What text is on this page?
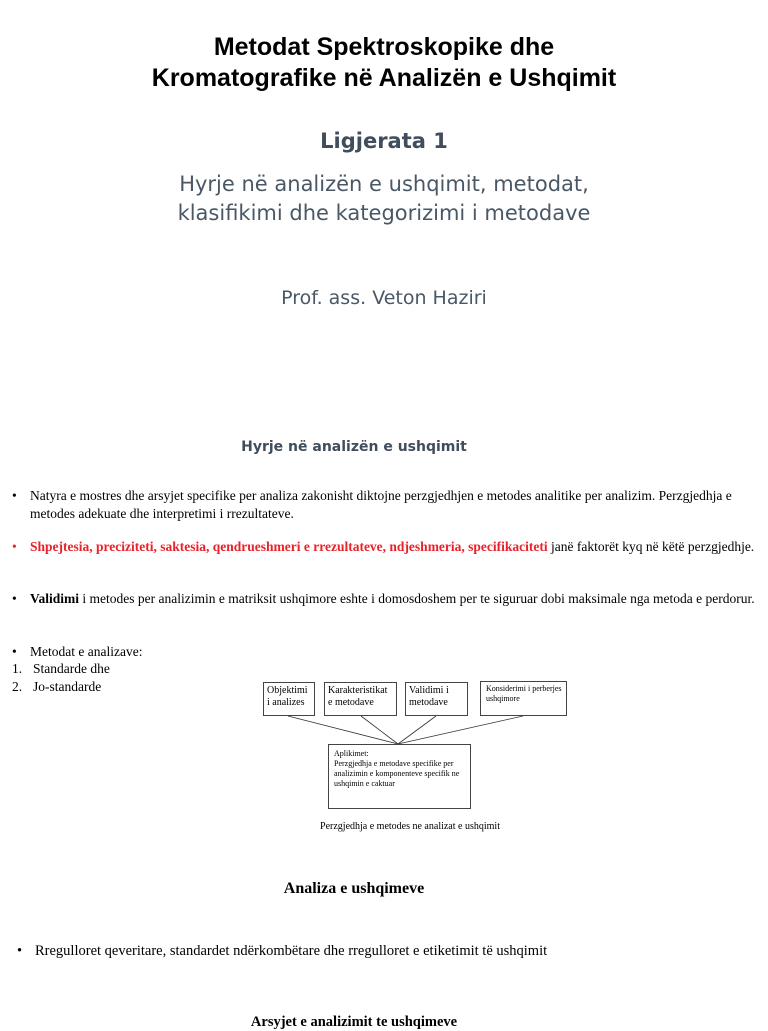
Metodat Spektroskopike dhe
Kromatografike në Analizën e Ushqimit
Ligjerata 1
Hyrje në analizën e ushqimit, metodat,
klasifikimi dhe kategorizimi i metodave
Prof. ass. Veton Haziri
Hyrje në analizën e ushqimit
• Natyra e mostres dhe arsyjet specifike per analiza zakonisht diktojne perzgjedhjen e metodes analitike per analizim. Perzgjedhja e metodes adekuate dhe interpretimi i rrezultateve.
• Shpejtesia, preciziteti, saktesia, qendrueshmeri e rrezultateve, ndjeshmeria, specifikaciteti janë faktorët kyq në këtë perzgjedhje.
• Validimi i metodes per analizimin e matriksit ushqimore eshte i domosdoshem per te siguruar dobi maksimale nga metoda e perdorur.
• Metodat e analizave:
1. Standarde dhe
2. Jo-standarde	Objektimi i analizes
Karakteristikat e metodave
Validimi i metodave
Konsiderimi i perberjes ushqimore
Aplikimet:
Perzgjedhja e metodave specifike per analizimin e komponenteve specifik ne ushqimin e caktuar
Perzgjedhja e metodes ne analizat e ushqimit
Analiza e ushqimeve
• Rregulloret qeveritare, standardet ndërkombëtare dhe rregulloret e etiketimit të ushqimit
Arsyjet e analizimit te ushqimeve
